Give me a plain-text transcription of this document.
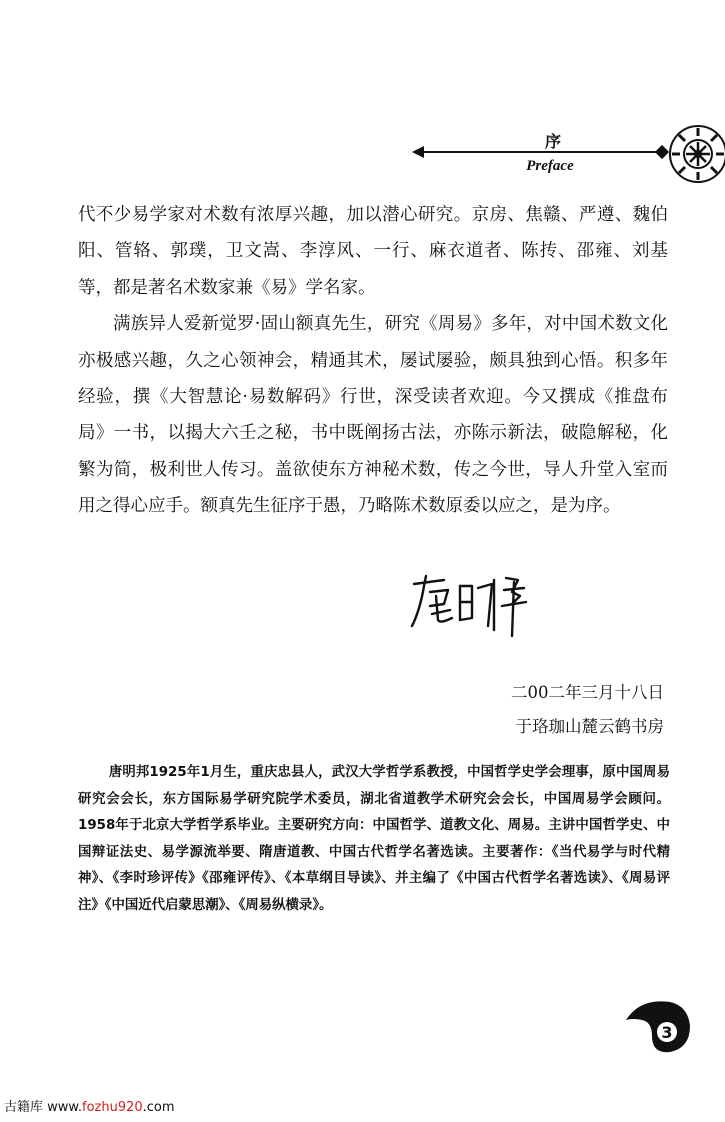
序
Preface

代不少易学家对术数有浓厚兴趣，加以潜心研究。京房、焦赣、严遵、魏伯阳、管辂、郭璞，卫文嵩、李淳风、一行、麻衣道者、陈抟、邵雍、刘基等，都是著名术数家兼《易》学名家。

满族异人爱新觉罗·固山额真先生，研究《周易》多年，对中国术数文化亦极感兴趣，久之心领神会，精通其术，屡试屡验，颇具独到心悟。积多年经验，撰《大智慧论·易数解码》行世，深受读者欢迎。今又撰成《推盘布局》一书，以揭大六壬之秘，书中既阐扬古法，亦陈示新法，破隐解秘，化繁为简，极利世人传习。盖欲使东方神秘术数，传之今世，导人升堂入室而用之得心应手。额真先生征序于愚，乃略陈术数原委以应之，是为序。

二00二年三月十八日
于珞珈山麓云鹤书房

唐明邦1925年1月生，重庆忠县人，武汉大学哲学系教授，中国哲学史学会理事，原中国周易研究会会长，东方国际易学研究院学术委员，湖北省道教学术研究会会长，中国周易学会顾问。1958年于北京大学哲学系毕业。主要研究方向：中国哲学、道教文化、周易。主讲中国哲学史、中国辩证法史、易学源流举要、隋唐道教、中国古代哲学名著选读。主要著作：《当代易学与时代精神》、《李时珍评传》《邵雍评传》、《本草纲目导读》、并主编了《中国古代哲学名著选读》、《周易评注》《中国近代启蒙思潮》、《周易纵横录》。

3
古籍库 www.fozhu920.com
